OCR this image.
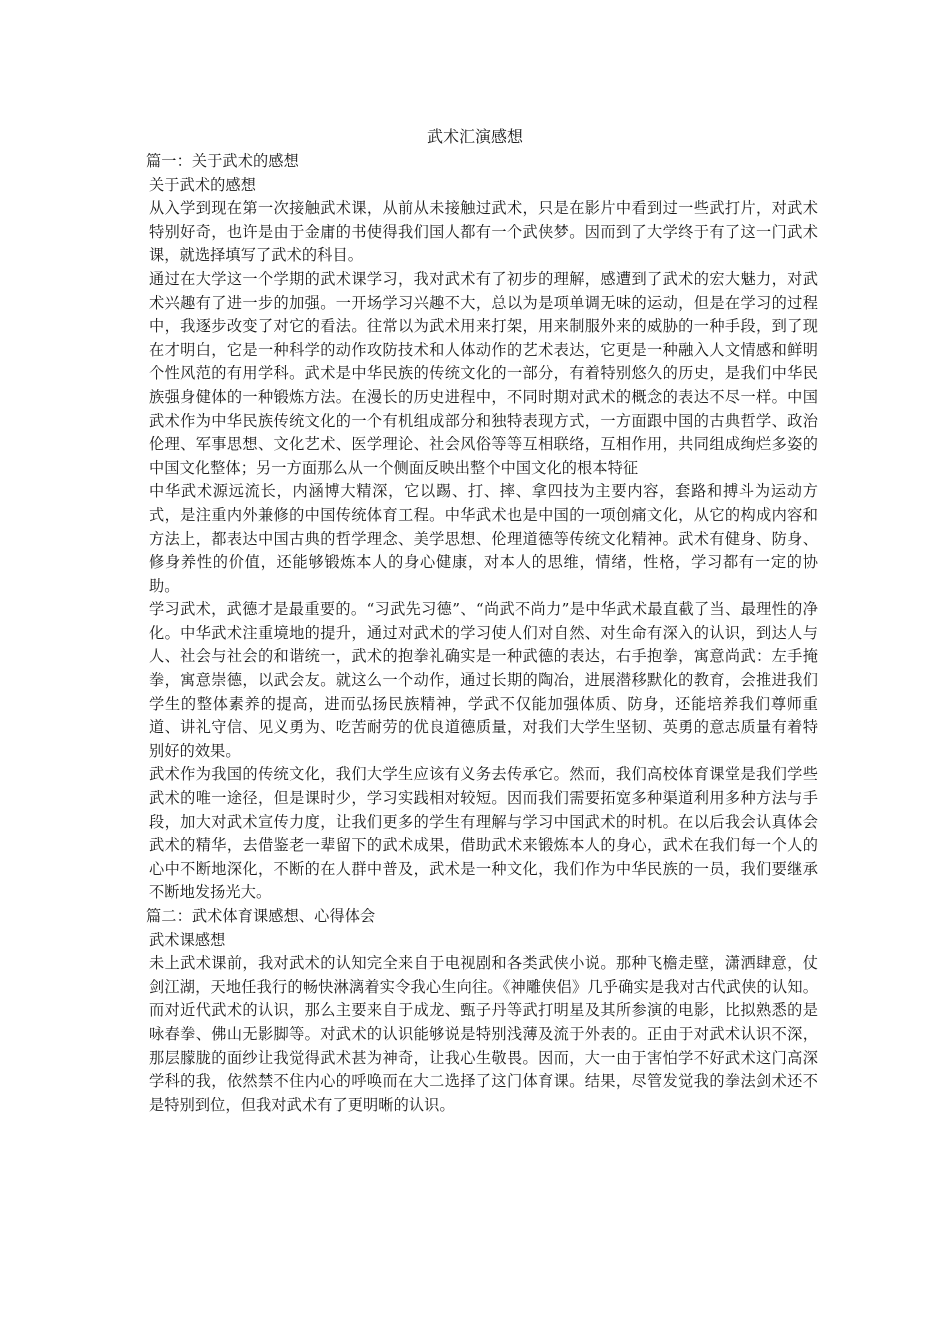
武术汇演感想

篇一：关于武术的感想

关于武术的感想

从入学到现在第一次接触武术课，从前从未接触过武术，只是在影片中看到过一些武打片，对武术特别好奇，也许是由于金庸的书使得我们国人都有一个武侠梦。因而到了大学终于有了这一门武术课，就选择填写了武术的科目。

通过在大学这一个学期的武术课学习，我对武术有了初步的理解，感遭到了武术的宏大魅力，对武术兴趣有了进一步的加强。一开场学习兴趣不大，总以为是项单调无味的运动，但是在学习的过程中，我逐步改变了对它的看法。往常以为武术用来打架，用来制服外来的威胁的一种手段，到了现在才明白，它是一种科学的动作攻防技术和人体动作的艺术表达，它更是一种融入人文情感和鲜明个性风范的有用学科。武术是中华民族的传统文化的一部分，有着特别悠久的历史，是我们中华民族强身健体的一种锻炼方法。在漫长的历史进程中，不同时期对武术的概念的表达不尽一样。中国武术作为中华民族传统文化的一个有机组成部分和独特表现方式，一方面跟中国的古典哲学、政治伦理、军事思想、文化艺术、医学理论、社会风俗等等互相联络，互相作用，共同组成绚烂多姿的中国文化整体；另一方面那么从一个侧面反映出整个中国文化的根本特征

中华武术源远流长，内涵博大精深，它以踢、打、摔、拿四技为主要内容，套路和搏斗为运动方式，是注重内外兼修的中国传统体育工程。中华武术也是中国的一项创痛文化，从它的构成内容和方法上，都表达中国古典的哲学理念、美学思想、伦理道德等传统文化精神。武术有健身、防身、修身养性的价值，还能够锻炼本人的身心健康，对本人的思维，情绪，性格，学习都有一定的协助。

学习武术，武德才是最重要的。“习武先习德”、“尚武不尚力”是中华武术最直截了当、最理性的净化。中华武术注重境地的提升，通过对武术的学习使人们对自然、对生命有深入的认识，到达人与人、社会与社会的和谐统一，武术的抱拳礼确实是一种武德的表达，右手抱拳，寓意尚武：左手掩拳，寓意崇德，以武会友。就这么一个动作，通过长期的陶冶，进展潜移默化的教育，会推进我们学生的整体素养的提高，进而弘扬民族精神，学武不仅能加强体质、防身，还能培养我们尊师重道、讲礼守信、见义勇为、吃苦耐劳的优良道德质量，对我们大学生坚韧、英勇的意志质量有着特别好的效果。

武术作为我国的传统文化，我们大学生应该有义务去传承它。然而，我们高校体育课堂是我们学些武术的唯一途径，但是课时少，学习实践相对较短。因而我们需要拓宽多种渠道利用多种方法与手段，加大对武术宣传力度，让我们更多的学生有理解与学习中国武术的时机。在以后我会认真体会武术的精华，去借鉴老一辈留下的武术成果，借助武术来锻炼本人的身心，武术在我们每一个人的心中不断地深化，不断的在人群中普及，武术是一种文化，我们作为中华民族的一员，我们要继承不断地发扬光大。

篇二：武术体育课感想、心得体会

武术课感想

未上武术课前，我对武术的认知完全来自于电视剧和各类武侠小说。那种飞檐走壁，潇洒肆意，仗剑江湖，天地任我行的畅快淋漓着实令我心生向往。《神雕侠侣》几乎确实是我对古代武侠的认知。而对近代武术的认识，那么主要来自于成龙、甄子丹等武打明星及其所参演的电影，比拟熟悉的是咏春拳、佛山无影脚等。对武术的认识能够说是特别浅薄及流于外表的。正由于对武术认识不深，那层朦胧的面纱让我觉得武术甚为神奇，让我心生敬畏。因而，大一由于害怕学不好武术这门高深学科的我，依然禁不住内心的呼唤而在大二选择了这门体育课。结果，尽管发觉我的拳法剑术还不是特别到位，但我对武术有了更明晰的认识。
